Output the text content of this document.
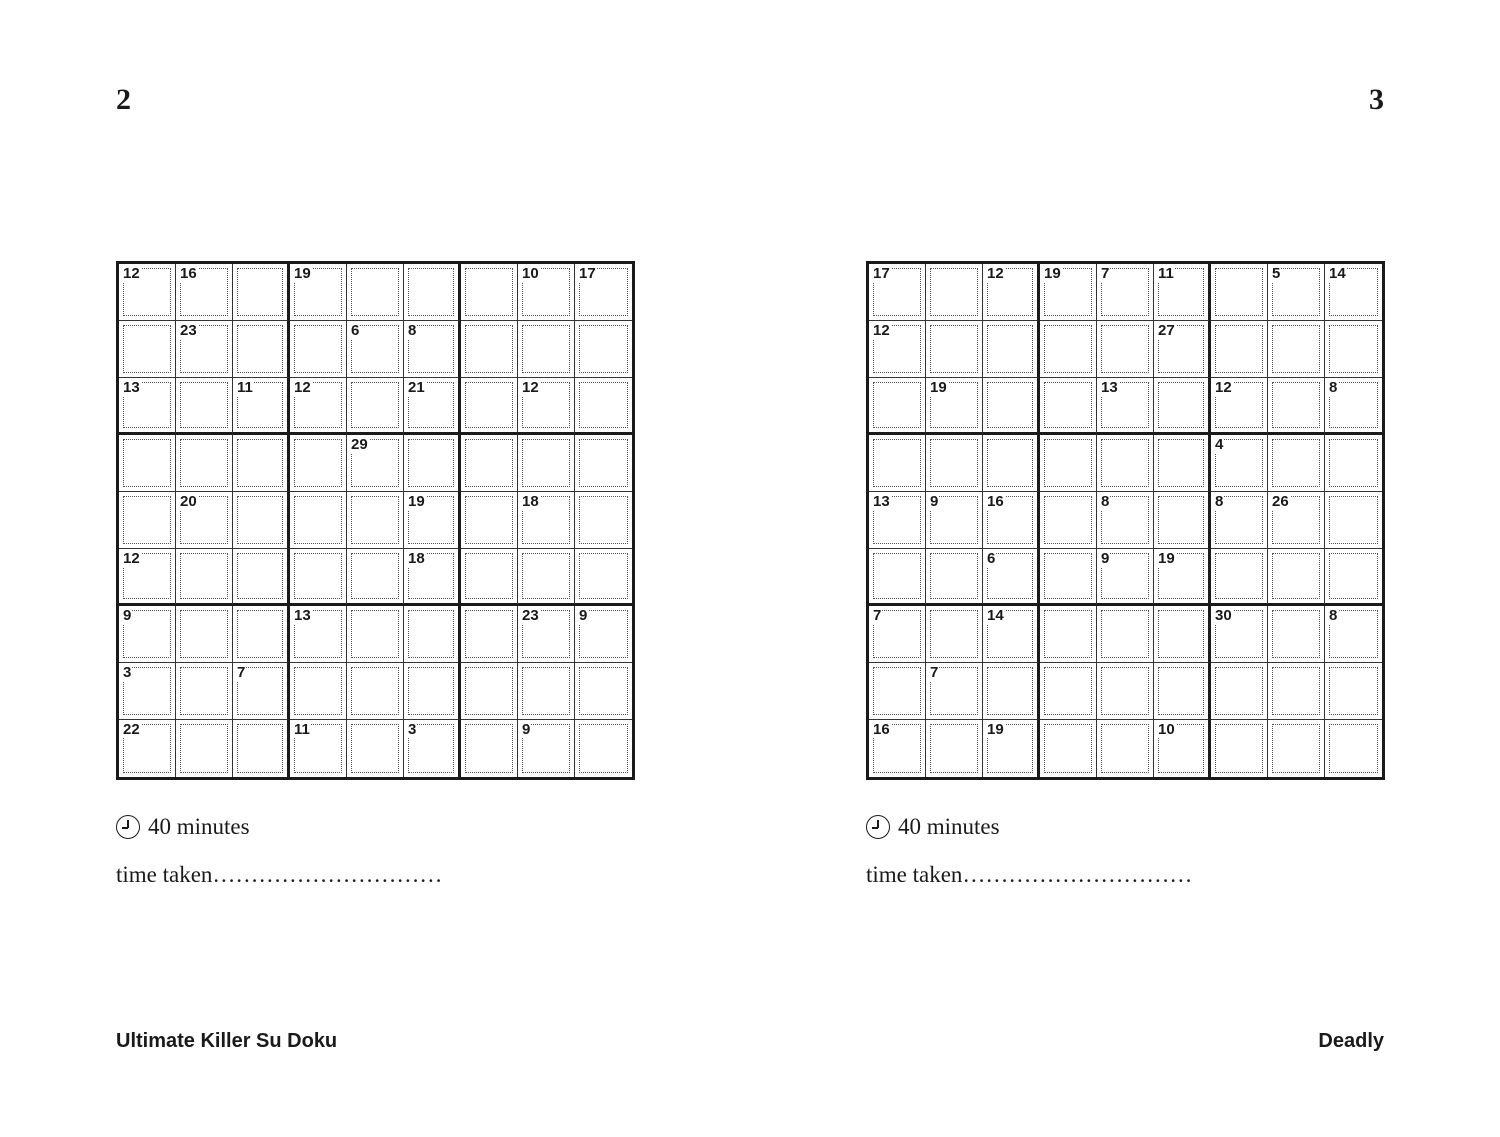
2	3
12	16	19	10	17
23	6	8
13	11	12	21	12
29
20	19	18
12	18
9	13	23	9
3	7
22	11	3	9
17	12	19	7	11	5	14
12	27
19	13	12	8
4
13	9	16	8	8	26
6	9	19
7	14	30	8
7
16	19	10
40 minutes	40 minutes
time taken…………………………	time taken…………………………
Ultimate Killer Su Doku	Deadly
